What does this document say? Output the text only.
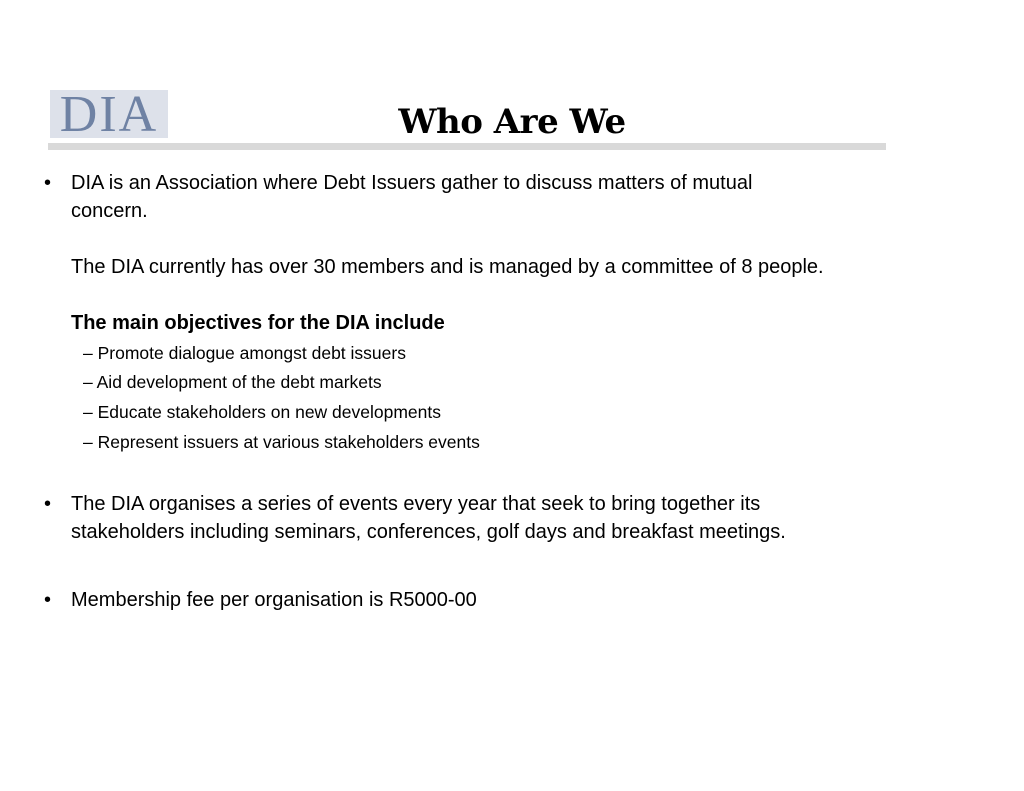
DIA	Who Are We
• DIA is an Association where Debt Issuers gather to discuss matters of mutual
concern.
The DIA currently has over 30 members and is managed by a committee of 8 people.
The main objectives for the DIA include
– Promote dialogue amongst debt issuers
– Aid development of the debt markets
– Educate stakeholders on new developments
– Represent issuers at various stakeholders events
• The DIA organises a series of events every year that seek to bring together its
stakeholders including seminars, conferences, golf days and breakfast meetings.
• Membership fee per organisation is R5000-00
